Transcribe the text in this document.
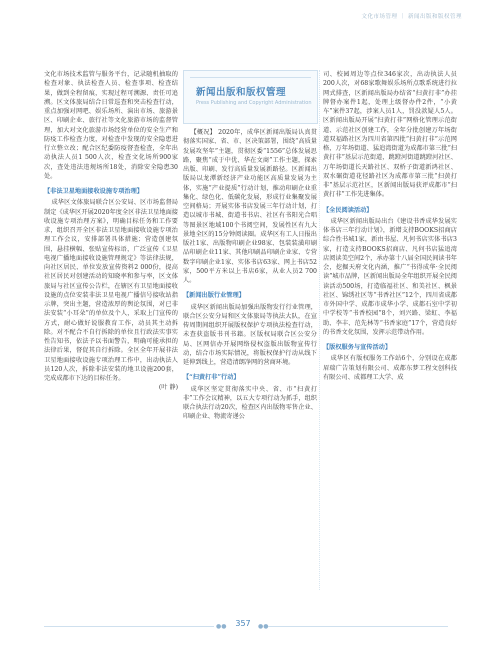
文化市场管理 ｜ 新闻出版和版权管理
新闻出版和版权管理
Press Publishing and Copyright Administration

文化市场技术监管与服务平台，记录随机抽取的检查对象、执法检查人员、检查事项、检查结果，做到全程留痕，实现过程可溯源、责任可追溯。区文体旅局结合日常巡查和突击检查行动，重点加强对网吧、娱乐场所、演出市场、旅游景区、印刷企业、旅行社等文化旅游市场的监督管理，加大对文化旅游市场经营单位的安全生产和防疫工作检查力度，对检查中发现的安全隐患进行立整立改；配合区纪委防疫督查检查，全年出动执法人员1 500人次，检查文化场所900家次，查处违法违规场所18处，消除安全隐患30处。

【非法卫星地面接收设施专项治理】

成华区文体旅局联合区公安局、区市场监督局制定《成华区开展2020年度全区非法卫星地面接收设施专项治理方案》，明确目标任务和工作要求，组织召开全区非法卫星地面接收设施专项治理工作会议，安排部署具体措施；营造创建氛围，悬挂横幅、张贴宣传标语，广泛宣传《卫星电视广播地面接收设施管理规定》等法律法规，向社区居民、单位发放宣传资料2 000份，提高社区居民对创建活动的知晓率和参与率，区文体旅局与社区宣传公告栏，在辖区有卫星地面接收设施的点位安装非法卫星电视广播信号接收站指示牌，突出主题，营造浓厚的舆论氛围，对已非法安装“小耳朵”的单位及个人，采取上门宣传的方式，耐心做好说服教育工作，动员其主动拆除。对不配合不自行拆除的单位且行政法实事实性告知书，依法予以书面警告，明确可能承担的法律后果，督促其自行拆除。全区全年开展非法卫星地面接收设施专项治理工作中，出动执法人员120人次，拆除非法安装的地卫设施200套，完成成都市下达的目标任务。

(叶 静)

【概况】 2020年，成华区新闻出版局认真贯彻落实国家、省、市、区决策部署，围绕“高质量发展攻坚年”主题，贯彻区委“1556”总体发展思路，聚焦“成于中优、华在文商”工作主题，探索出版、印刷、发行高质量发展新路径。区新闻出版局以龙潭新经济产业功能区高质量发展为主体，实施“产业提质”行动计划，推动印刷企业重集化、绿色化、低碳化发展，形成行业集聚发展空间格局；开展实体书店发展三年行动计划，打造以城市书城、街道书书店、社区有书阳光合唱等图景区地域100个书阅空间，发展性区有九大景地全区的15分钟阅读圈。成华区有工人日报出版社1家、出版物印刷企业98家、包装装潢印刷品印刷企业11家、其他印刷品印刷企业家、专营数字印刷企业1家、实体书店63家、网上书店52家，500平方米以上书店6家，从业人员2 700人。

【新闻出版行业管理】

成华区新闻出版局加强出版物发行行业管理，联合区公安分局和区文体旅局等执法大队，在宣传周期间组织开展版权保护专项执法检查行动，未查获盗版书刊书籍。区版权局联合区公安分局、区网信办开展网络侵权盗版出版物宣传行动，结合市场实际情况，将版权保护行动从线下延伸到线上，营造清朗净网的营商环境。

【“扫黄打非”行动】

成华区坚定贯彻落实中央、省、市“扫黄打非”工作会议精神，以五大专项行动为抓手，组织联合执法行动20次，检查区内出版物零售企业、印刷企业、物流寄递公

司、校园周边等点位346家次，出动执法人员200人次，对68家歌舞娱乐场所点歌系统进行拉网式排查，区新闻出版局办结省“扫黄打非”办挂牌督办案件1起，处理上级督办件2件，“小黄车”案件37起，涉案人员1人，罚没款疑人5人。区新闻出版局开展“扫黄打非”网格化管理示范街道、示范社区创建工作，全年分批创建万年场街道双福路社区为四川省第四批“扫黄打非”示范网格，万年场街道、猛追湾街道为成都市第三批“扫黄打非”基层示范街道，跳蹬河街道跳蹬河社区、万年场街道长天路社区、双桥子街道新鸿社区、双水碾街道花径路社区为成都市第三批“扫黄打非”基层示范社区，区新闻出版局获评成都市“扫黄打非”工作先进集体。

【全民阅读活动】

成华区新闻出版局出台《建设书香成华发展实体书店三年行动计划》，新增支持BOOKS招商店综合性书城1家，新由书屋、凡何书店实体书店3家，打造支持BOOKS招商店、凡何书店猛追湾店阅读美空间2个，承办第十八届全国民间读书年会，挖掘天府文化内涵，推广“书得成华·全民阅读”城市品牌，区新闻出版局全年组织开展全民阅读活动500场，打造临福社区、和美社区、枫景社区、锦绣社区等“书香社区”12个，四川省成都市外国中学、成都市成华小学、成都石室中学初中学校等“书香校园”8个，刘兴路、梁虹、李福助、李丰、范先林等“书香家庭”17个，营造良好的书香文化氛围，发挥示范带动作用。

【版权服务与宣传活动】

成华区有版权服务工作站6个，分别设在成都眉瑞广告策划有限公司、成都东梦工程文创科技有限公司、成都理工大学、成

●●	357	●●
